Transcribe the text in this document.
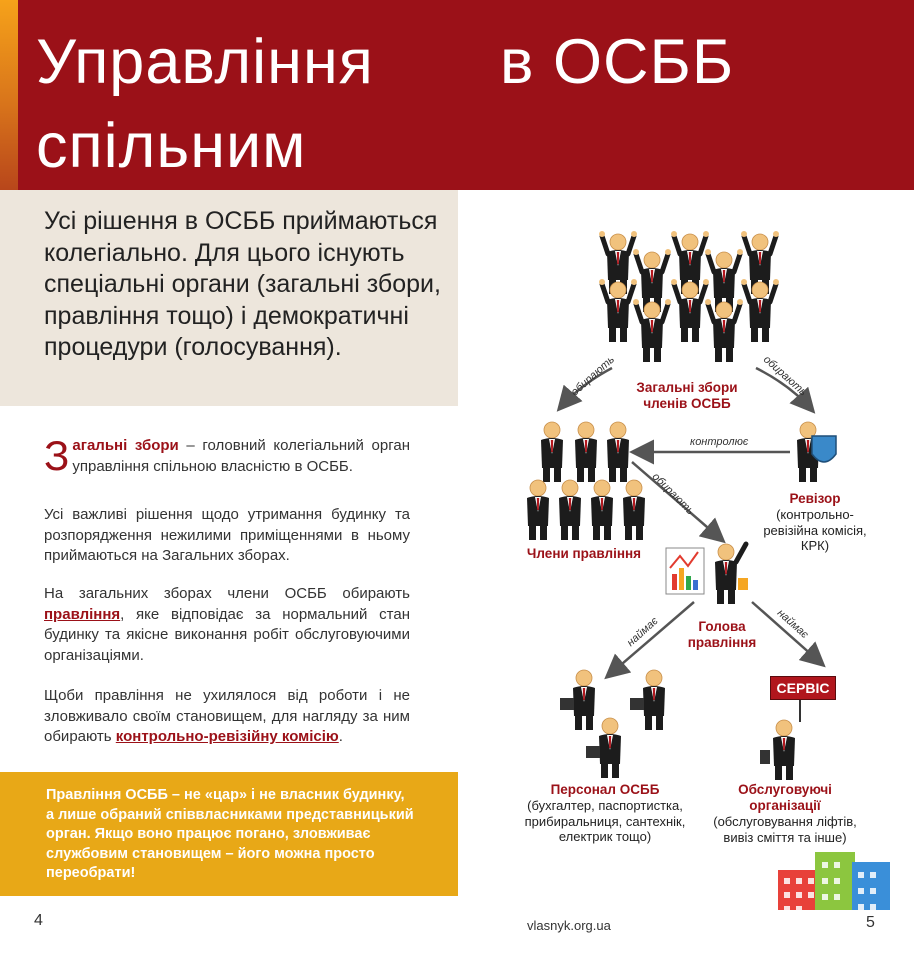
Управління в ОСББ
спільним
Усі рішення в ОСББ приймаються колегіально. Для цього існують спеціальні органи (загальні збори, правління тощо) і демократичні процедури (голосування).
Загальні збори – головний колегіальний орган управління спільною власністю в ОСББ.
Усі важливі рішення щодо утримання будинку та розпорядження нежилими приміщеннями в ньому приймаються на Загальних зборах.
На загальних зборах члени ОСББ обирають правління, яке відповідає за нормальний стан будинку та якісне виконання робіт обслуговуючими організаціями.
Щоби правління не ухилялося від роботи і не зловживало своїм становищем, для нагляду за ним обирають контрольно-ревізійну комісію.
Правління ОСББ – не «цар» і не власник будинку, а лише обраний співвласниками представницький орган. Якщо воно працює погано, зловживає службовим становищем – його можна просто переобрати!
Загальні збори членів ОСББ
Члени правління
Ревізор
(контрольно-ревізійна комісія, КРК)
Голова правління
Персонал ОСББ
(бухгалтер, паспортистка, прибиральниця, сантехнік, електрик тощо)
Обслуговуючі організації
(обслуговування ліфтів, вивіз сміття та інше)
СЕРВІС
обирають	обирають
контролює
обирають
наймає	наймає
4	vlasnyk.org.ua	5
